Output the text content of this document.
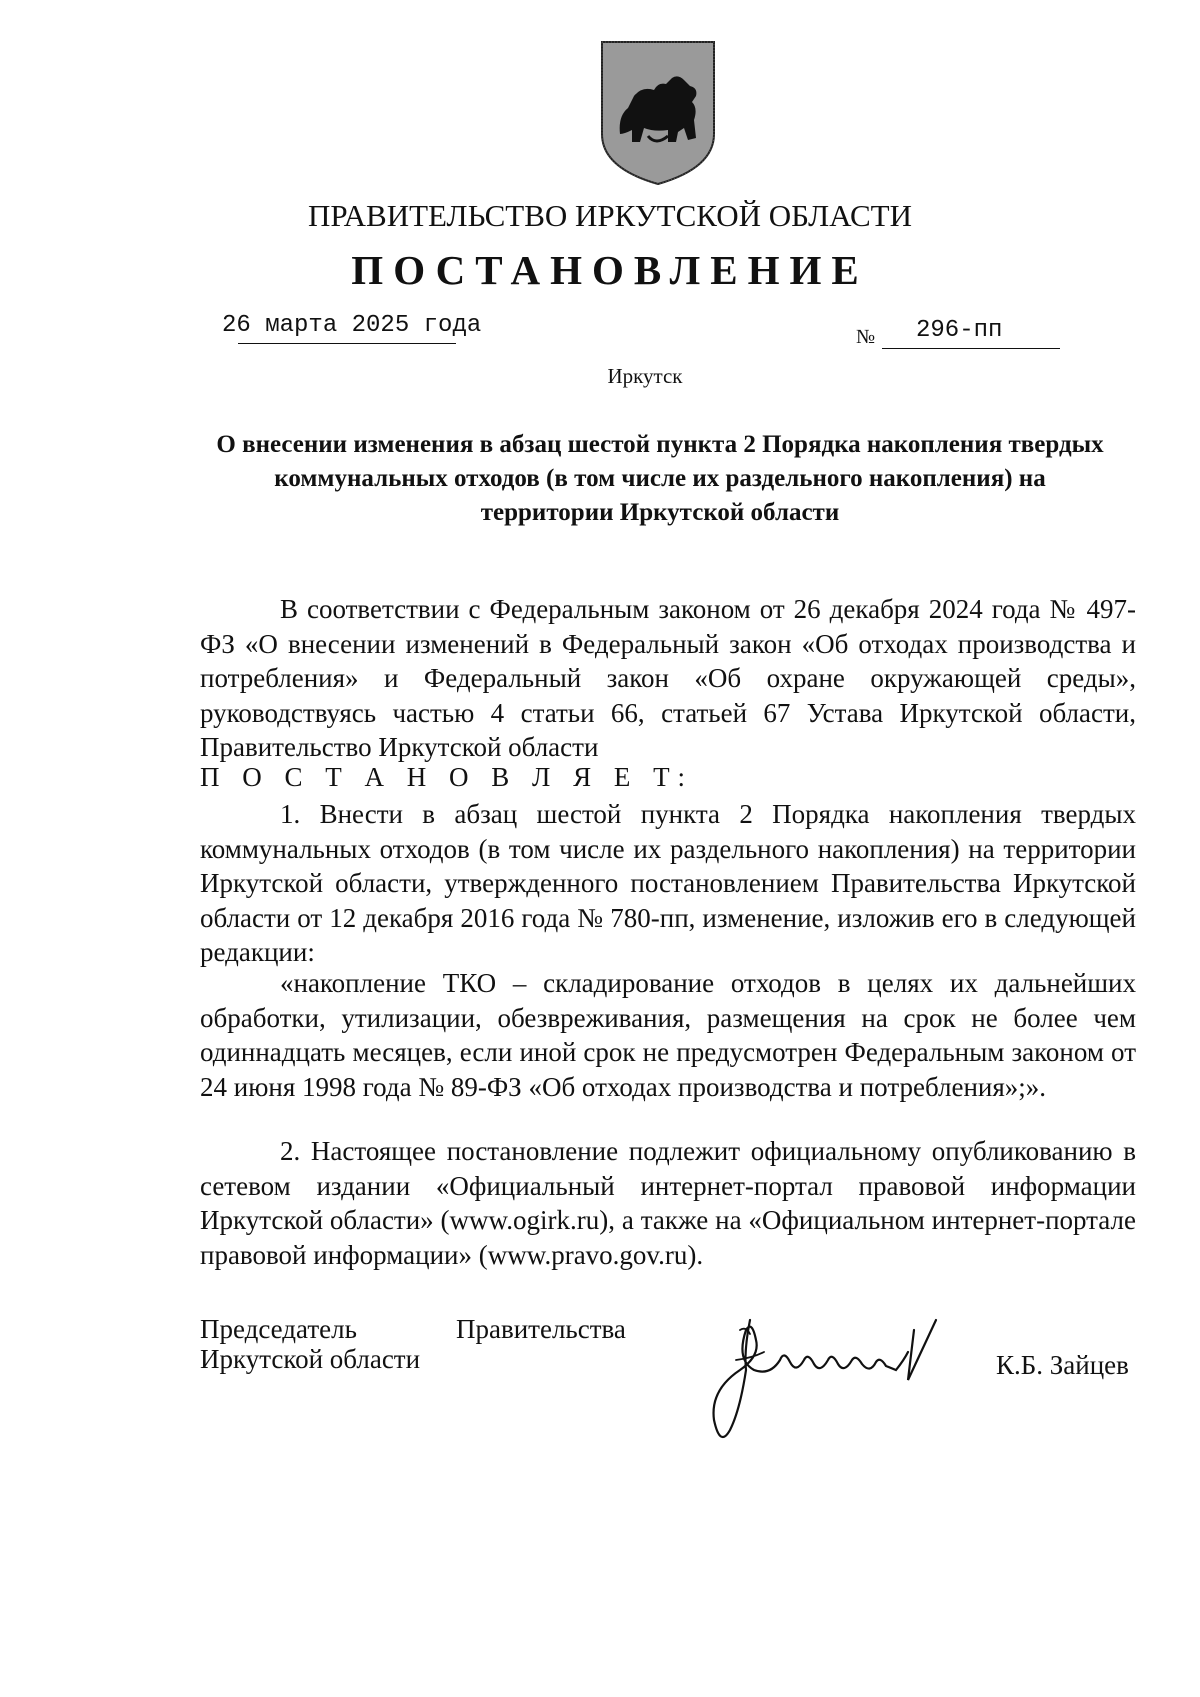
ПРАВИТЕЛЬСТВО ИРКУТСКОЙ ОБЛАСТИ
ПОСТАНОВЛЕНИЕ
26 марта 2025 года	№ 296-пп
Иркутск
О внесении изменения в абзац шестой пункта 2 Порядка накопления твердых коммунальных отходов (в том числе их раздельного накопления) на территории Иркутской области
В соответствии с Федеральным законом от 26 декабря 2024 года № 497-ФЗ «О внесении изменений в Федеральный закон «Об отходах производства и потребления» и Федеральный закон «Об охране окружающей среды», руководствуясь частью 4 статьи 66, статьей 67 Устава Иркутской области, Правительство Иркутской области
П О С Т А Н О В Л Я Е Т:
1. Внести в абзац шестой пункта 2 Порядка накопления твердых коммунальных отходов (в том числе их раздельного накопления) на территории Иркутской области, утвержденного постановлением Правительства Иркутской области от 12 декабря 2016 года № 780-пп, изменение, изложив его в следующей редакции:
«накопление ТКО – складирование отходов в целях их дальнейших обработки, утилизации, обезвреживания, размещения на срок не более чем одиннадцать месяцев, если иной срок не предусмотрен Федеральным законом от 24 июня 1998 года № 89-ФЗ «Об отходах производства и потребления»;».
2. Настоящее постановление подлежит официальному опубликованию в сетевом издании «Официальный интернет-портал правовой информации Иркутской области» (www.ogirk.ru), а также на «Официальном интернет-портале правовой информации» (www.pravo.gov.ru).
Председатель	Правительства
Иркутской области	К.Б. Зайцев
